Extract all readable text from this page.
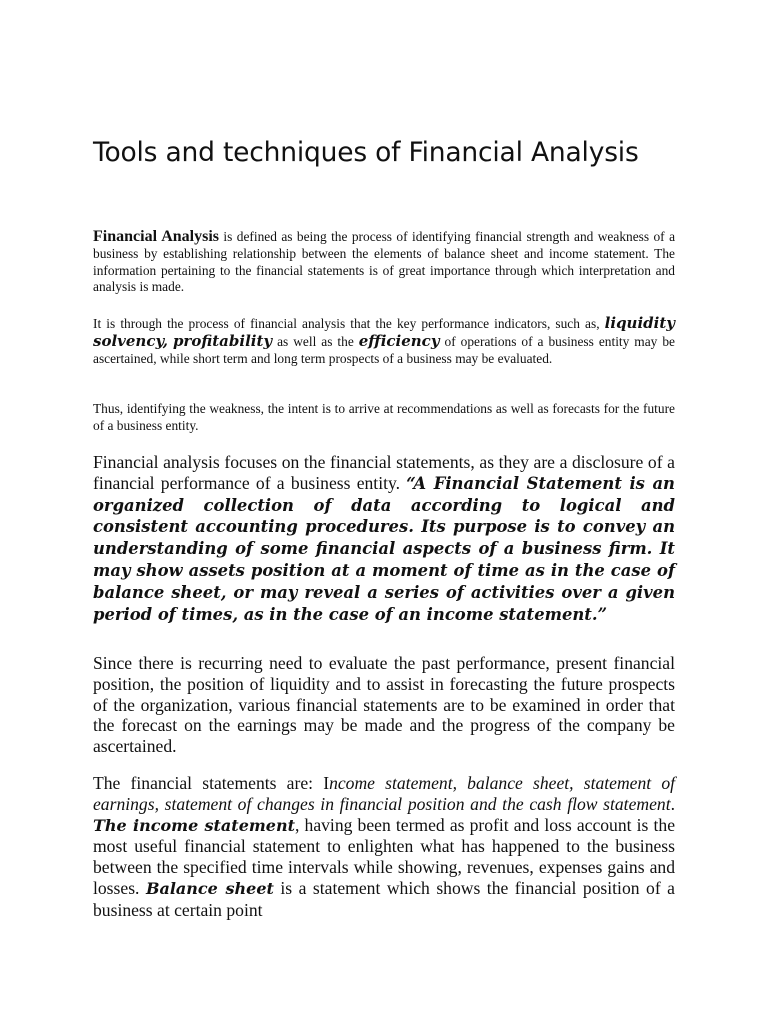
Tools and techniques of Financial Analysis

Financial Analysis is defined as being the process of identifying financial strength and weakness of a business by establishing relationship between the elements of balance sheet and income statement. The information pertaining to the financial statements is of great importance through which interpretation and analysis is made.

It is through the process of financial analysis that the key performance indicators, such as, liquidity solvency, profitability as well as the efficiency of operations of a business entity may be ascertained, while short term and long term prospects of a business may be evaluated.

Thus, identifying the weakness, the intent is to arrive at recommendations as well as forecasts for the future of a business entity.

Financial analysis focuses on the financial statements, as they are a disclosure of a financial performance of a business entity. “A Financial Statement is an organized collection of data according to logical and consistent accounting procedures. Its purpose is to convey an understanding of some financial aspects of a business firm. It may show assets position at a moment of time as in the case of balance sheet, or may reveal a series of activities over a given period of times, as in the case of an income statement.”

Since there is recurring need to evaluate the past performance, present financial position, the position of liquidity and to assist in forecasting the future prospects of the organization, various financial statements are to be examined in order that the forecast on the earnings may be made and the progress of the company be ascertained.

The financial statements are: Income statement, balance sheet, statement of earnings, statement of changes in financial position and the cash flow statement. The income statement, having been termed as profit and loss account is the most useful financial statement to enlighten what has happened to the business between the specified time intervals while showing, revenues, expenses gains and losses. Balance sheet is a statement which shows the financial position of a business at certain point
